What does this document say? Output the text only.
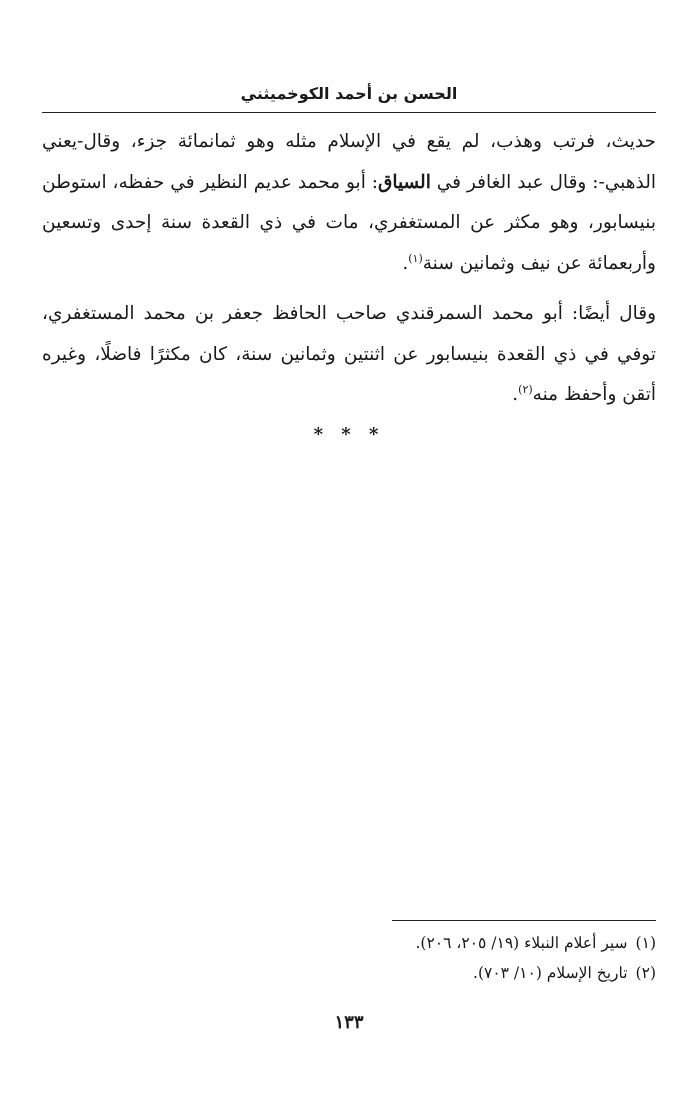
الحسن بن أحمد الكوخميثني

حديث، فرتب وهذب، لم يقع في الإسلام مثله وهو ثمانمائة جزء، وقال-يعني الذهبي-: وقال عبد الغافر في السياق: أبو محمد عديم النظير في حفظه، استوطن بنيسابور، وهو مكثر عن المستغفري، مات في ذي القعدة سنة إحدى وتسعين وأربعمائة عن نيف وثمانين سنة$^{(١)}$.

وقال أيضًا: أبو محمد السمرقندي صاحب الحافظ جعفر بن محمد المستغفري، توفي في ذي القعدة بنيسابور عن اثنتين وثمانين سنة، كان مكثرًا فاضلًا، وغيره أتقن وأحفظ منه$^{(٢)}$.

* * *
(١)سير أعلام النبلاء (١٩/ ٢٠٥، ٢٠٦).
(٢)تاريخ الإسلام (١٠/ ٧٠٣).
١٣٣
